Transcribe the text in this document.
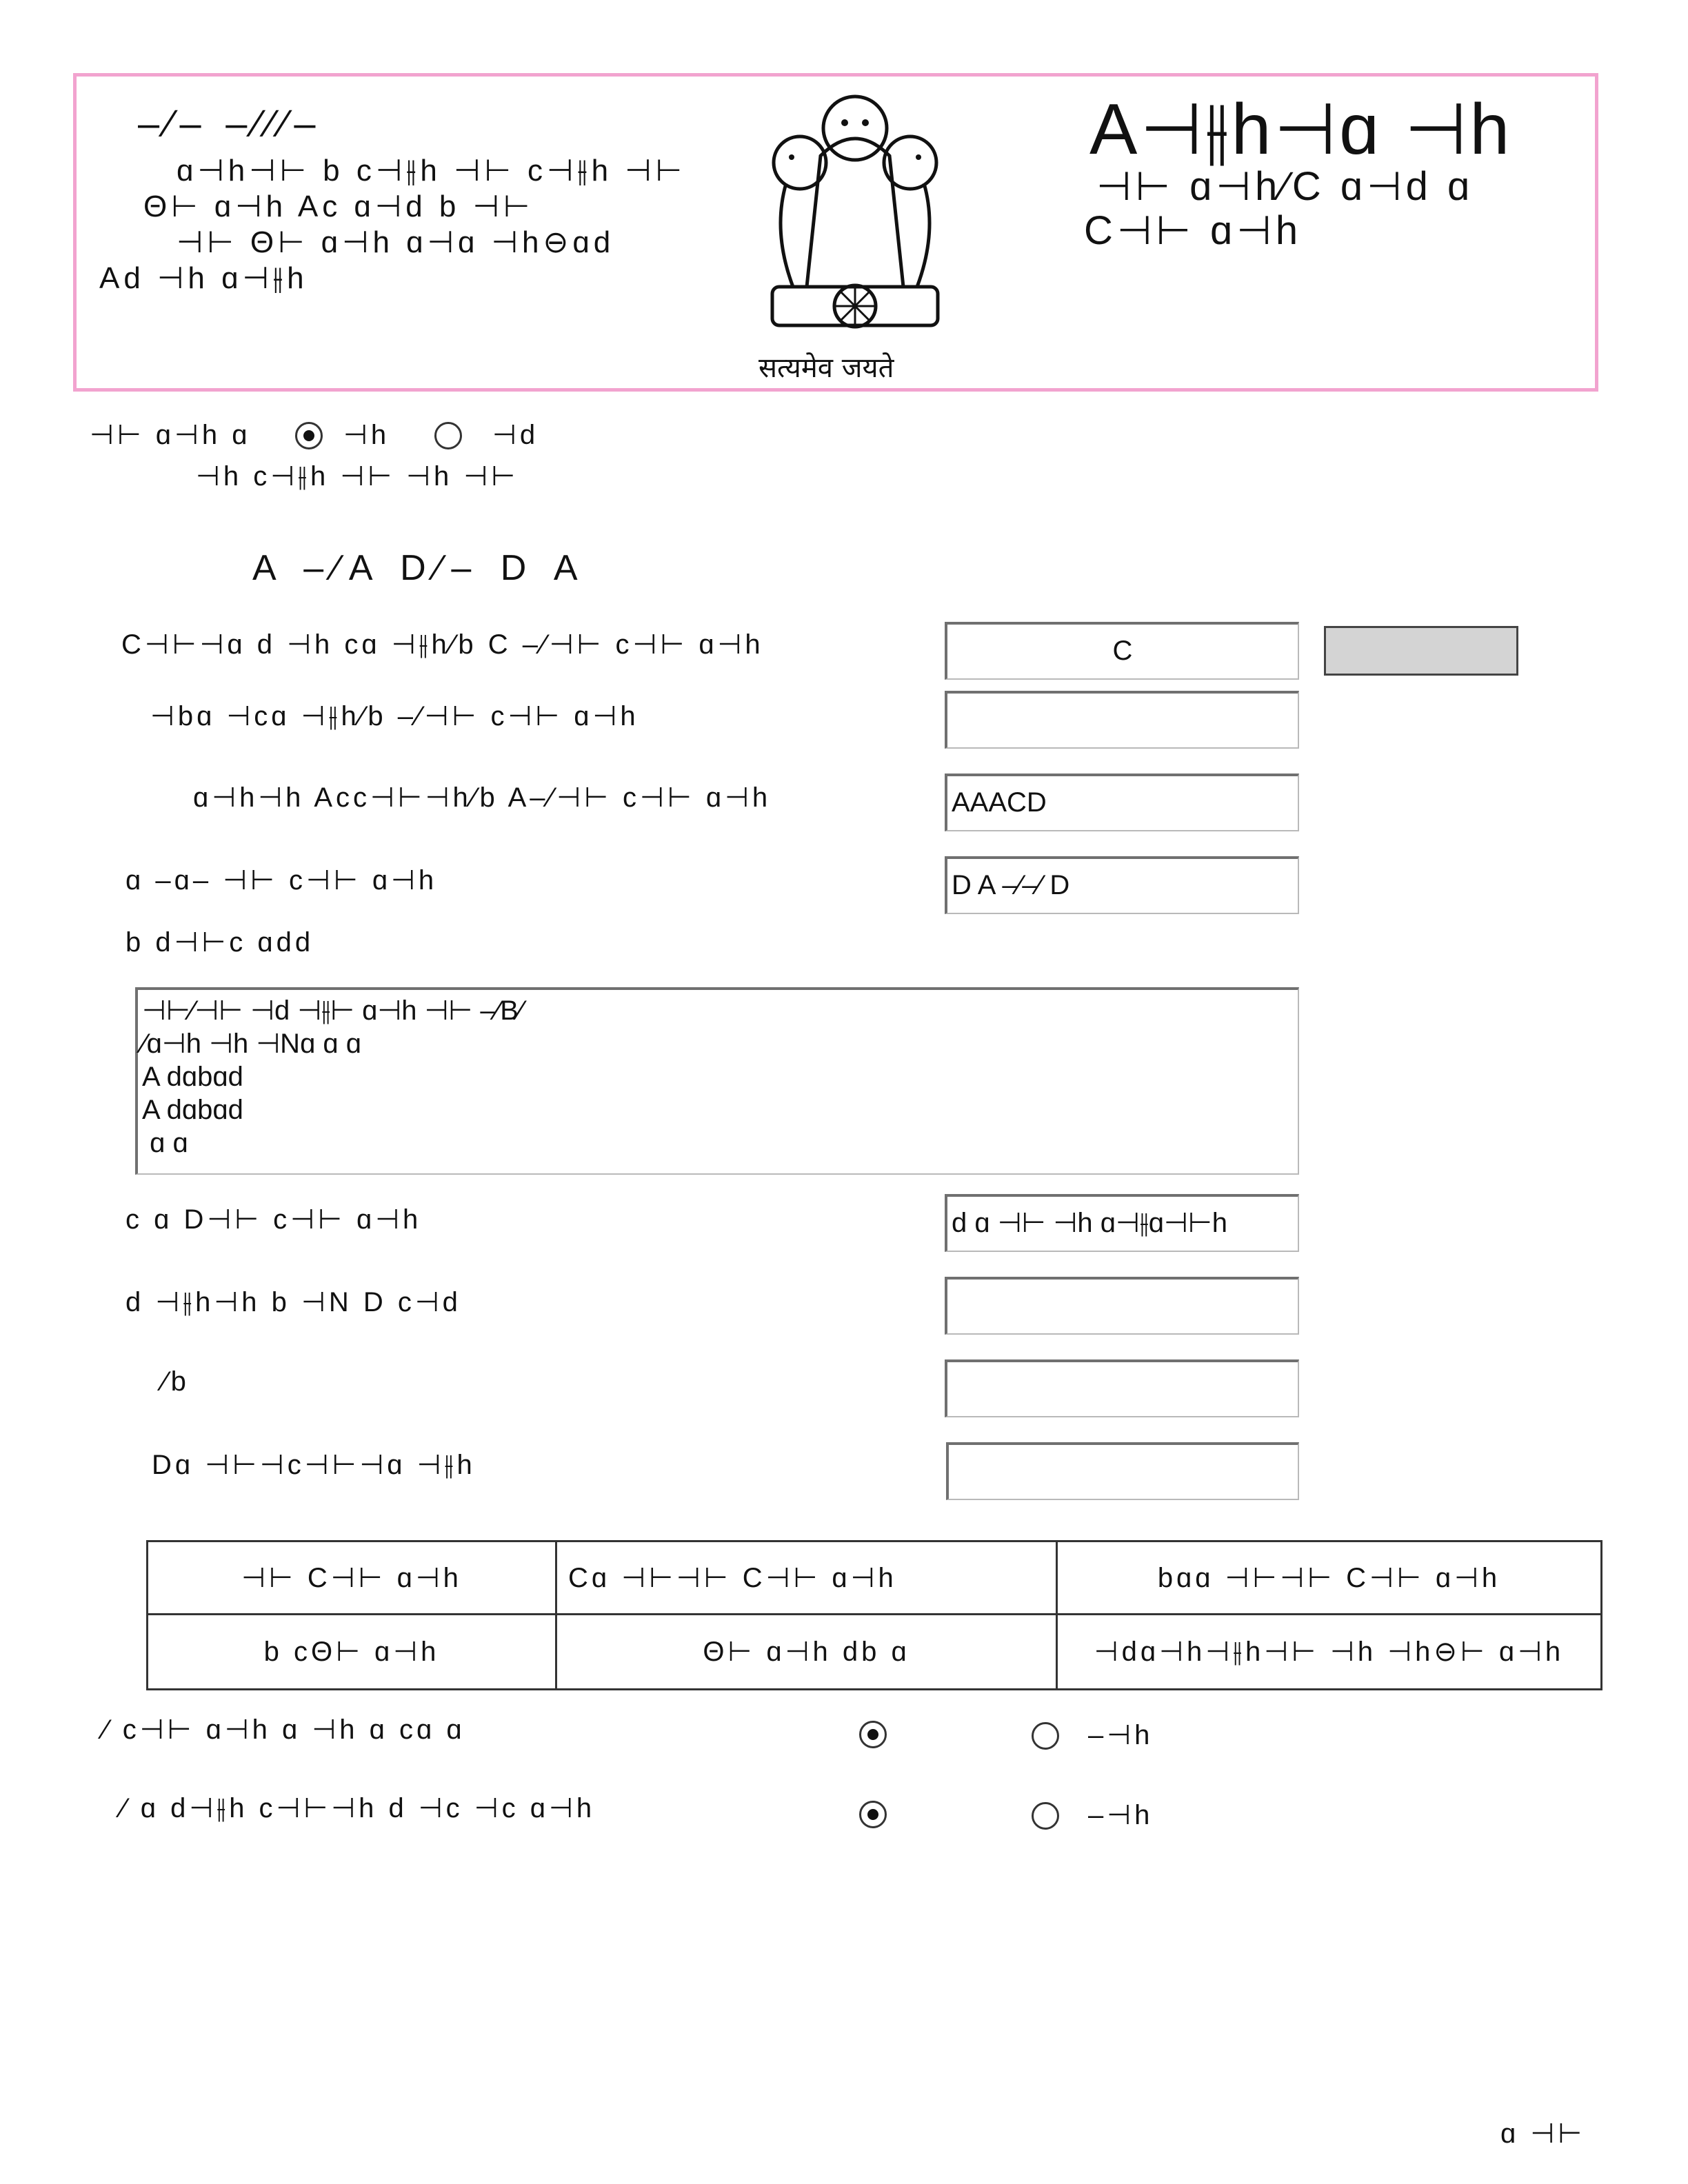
‒⁄‒ ‒⁄⁄⁄‒
ɑ⊣h⊣⊢ b c⊣⫲h ⊣⊢ c⊣⫲h ⊣⊢
Θ⊢ ɑ⊣h Ac ɑ⊣d b ⊣⊢
⊣⊢ Θ⊢ ɑ⊣h ɑ⊣ɑ ⊣h⊖ɑd
Ad ⊣h ɑ⊣⫲h
सत्यमेव जयते
A⊣⫲h⊣ɑ ⊣h
⊣⊢ ɑ⊣h⁄C ɑ⊣d ɑ
C⊣⊢ ɑ⊣h
⊣⊢ ɑ⊣h ɑ	⊣h	⊣d
⊣h c⊣⫲h ⊣⊢ ⊣h ⊣⊢
A ‒⁄A D⁄‒ D A
C⊣⊢⊣ɑ d ⊣h cɑ ⊣⫲h⁄b C ‒⁄⊣⊢ c⊣⊢ ɑ⊣h	C
⊣bɑ ⊣cɑ ⊣⫲h⁄b ‒⁄⊣⊢ c⊣⊢ ɑ⊣h
ɑ⊣h⊣h Acc⊣⊢⊣h⁄b A‒⁄⊣⊢ c⊣⊢ ɑ⊣h	AAACD
ɑ ‒ɑ‒ ⊣⊢ c⊣⊢ ɑ⊣h	D A ‒⁄‒⁄ D
b d⊣⊢c ɑdd
⊣⊢⁄⊣⊢ ⊣d ⊣⫲⊢ ɑ⊣h ⊣⊢ ‒⁄B⁄
⁄ɑ⊣h ⊣h ⊣Nɑ ɑ ɑ
A dɑbɑd
A dɑbɑd
ɑ ɑ
c ɑ D⊣⊢ c⊣⊢ ɑ⊣h	d ɑ ⊣⊢ ⊣h ɑ⊣⫲ɑ⊣⊢h
d ⊣⫲h⊣h b ⊣N D c⊣d
⁄b
Dɑ ⊣⊢⊣c⊣⊢⊣ɑ ⊣⫲h
⊣⊢ C⊣⊢ ɑ⊣h	Cɑ ⊣⊢⊣⊢ C⊣⊢ ɑ⊣h	bɑɑ ⊣⊢⊣⊢ C⊣⊢ ɑ⊣h
b cΘ⊢ ɑ⊣h	Θ⊢ ɑ⊣h db ɑ	⊣dɑ⊣h⊣⫲h⊣⊢ ⊣h ⊣h⊖⊢ ɑ⊣h
⁄ c⊣⊢ ɑ⊣h ɑ ⊣h ɑ cɑ ɑ	‒⊣h
⁄ ɑ d⊣⫲h c⊣⊢⊣h d ⊣c ⊣c ɑ⊣h	‒⊣h
ɑ ⊣⊢
